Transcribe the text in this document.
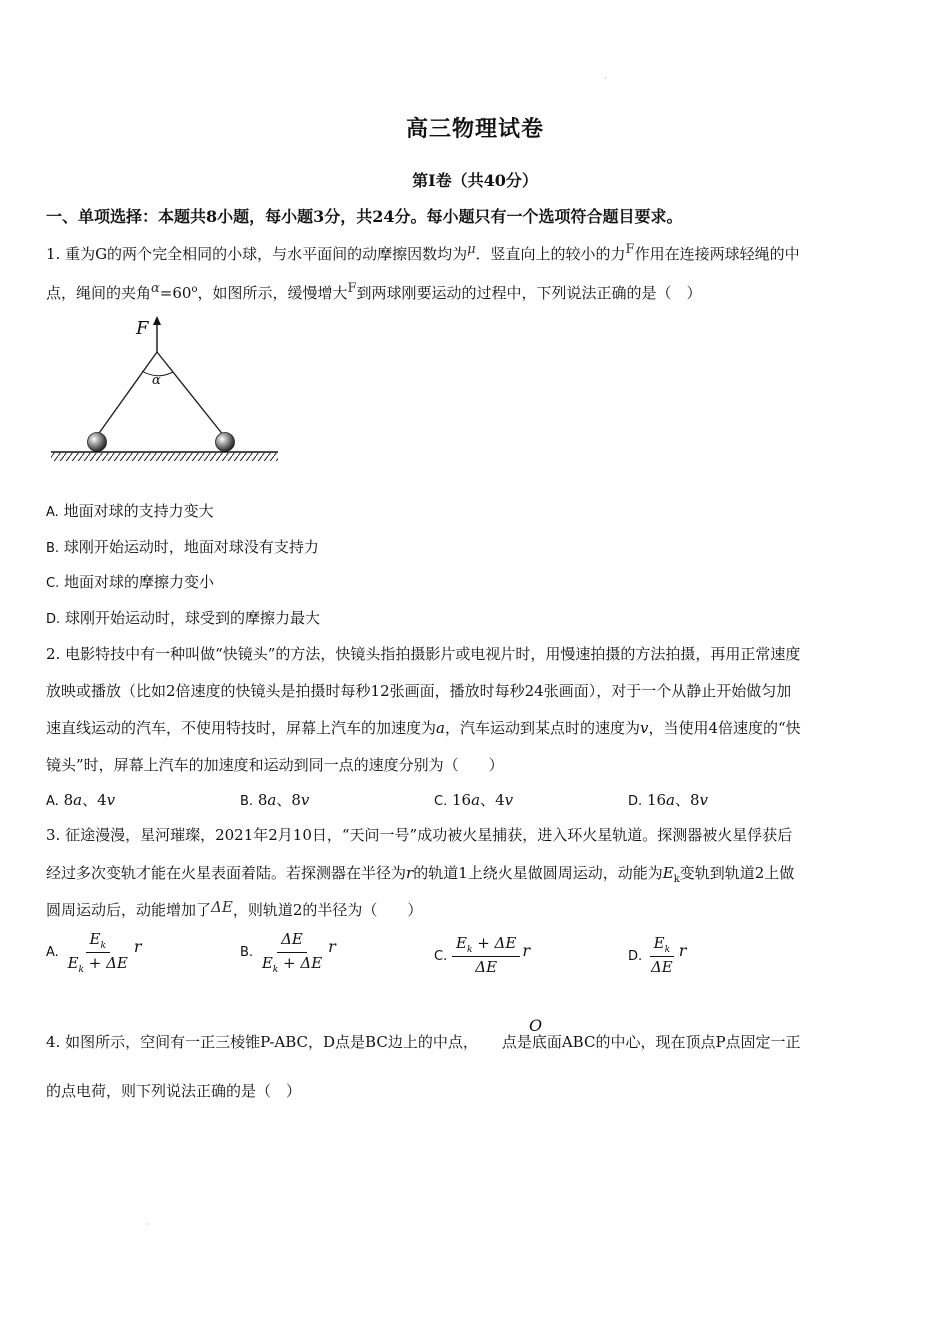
·
高三物理试卷
第Ⅰ卷（共40分）
一、单项选择：本题共8小题，每小题3分，共24分。每小题只有一个选项符合题目要求。
1. 重为G的两个完全相同的小球，与水平面间的动摩擦因数均为μ．竖直向上的较小的力F作用在连接两球轻绳的中
点，绳间的夹角$\alpha=60^o$，如图所示，缓慢增大F到两球刚要运动的过程中，下列说法正确的是（　）
F
α
A. 地面对球的支持力变大
B. 球刚开始运动时，地面对球没有支持力
C. 地面对球的摩擦力变小
D. 球刚开始运动时，球受到的摩擦力最大
2. 电影特技中有一种叫做“快镜头”的方法，快镜头指拍摄影片或电视片时，用慢速拍摄的方法拍摄，再用正常速度
放映或播放（比如2倍速度的快镜头是拍摄时每秒12张画面，播放时每秒24张画面），对于一个从静止开始做匀加
速直线运动的汽车，不使用特技时，屏幕上汽车的加速度为a，汽车运动到某点时的速度为v，当使用4倍速度的“快
镜头”时，屏幕上汽车的加速度和运动到同一点的速度分别为（　　）
A. 8a、4v	B. 8a、8v	C. 16a、4v	D. 16a、8v
3. 征途漫漫，星河璀璨，2021年2月10日，“天问一号”成功被火星捕获，进入环火星轨道。探测器被火星俘获后
经过多次变轨才能在火星表面着陆。若探测器在半径为r的轨道1上绕火星做圆周运动，动能为$E_k$变轨到轨道2上做
圆周运动后，动能增加了ΔE，则轨道2的半径为（　　）
A. $\frac{E_k}{E_k + \Delta E}$ r	B. $\frac{\Delta E}{E_k + \Delta E}$ r
C. $\frac{E_k + \Delta E}{\Delta E}$ r	D. $\frac{E_k}{\Delta E}$ r
O
4. 如图所示，空间有一正三棱锥P-ABC，D点是BC边上的中点， 点是底面ABC的中心，现在顶点P点固定一正
的点电荷，则下列说法正确的是（　）
·
